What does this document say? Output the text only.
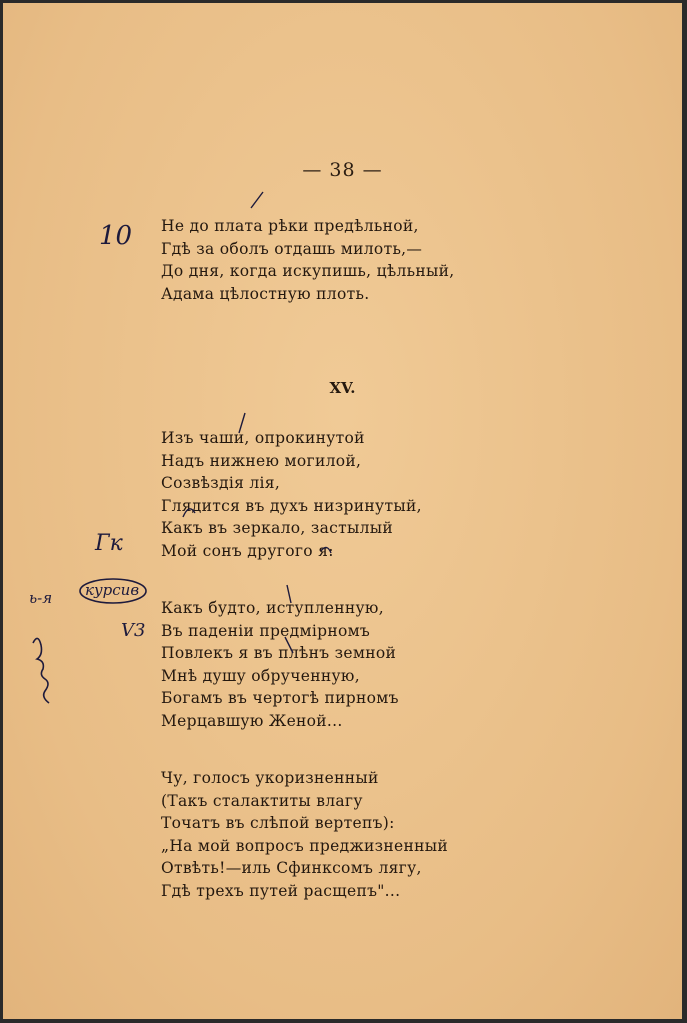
— 38 —
Не до плата рѣки предѣльной,
Гдѣ за оболъ отдашь милоть,—
До дня, когда искупишь, цѣльный,
Адама цѣлостную плоть.
XV.
Изъ чаши, опрокинутой
Надъ нижнею могилой,
Созвѣздія лія,
Глядится въ духъ низринутый,
Какъ въ зеркало, застылый
Мой сонъ другого я:
Какъ будто, иступленную,
Въ паденіи предмірномъ
Повлекъ я въ плѣнъ земной
Мнѣ душу обрученную,
Богамъ въ чертогѣ пирномъ
Мерцавшую Женой...
Чу, голосъ укоризненный
(Такъ сталактиты влагу
Точатъ въ слѣпой вертепъ):
„На мой вопросъ преджизненный
Отвѣть!—иль Сфинксомъ лягу,
Гдѣ трехъ путей расщепъ"...
10
Гк
ь-я курсив
V3
